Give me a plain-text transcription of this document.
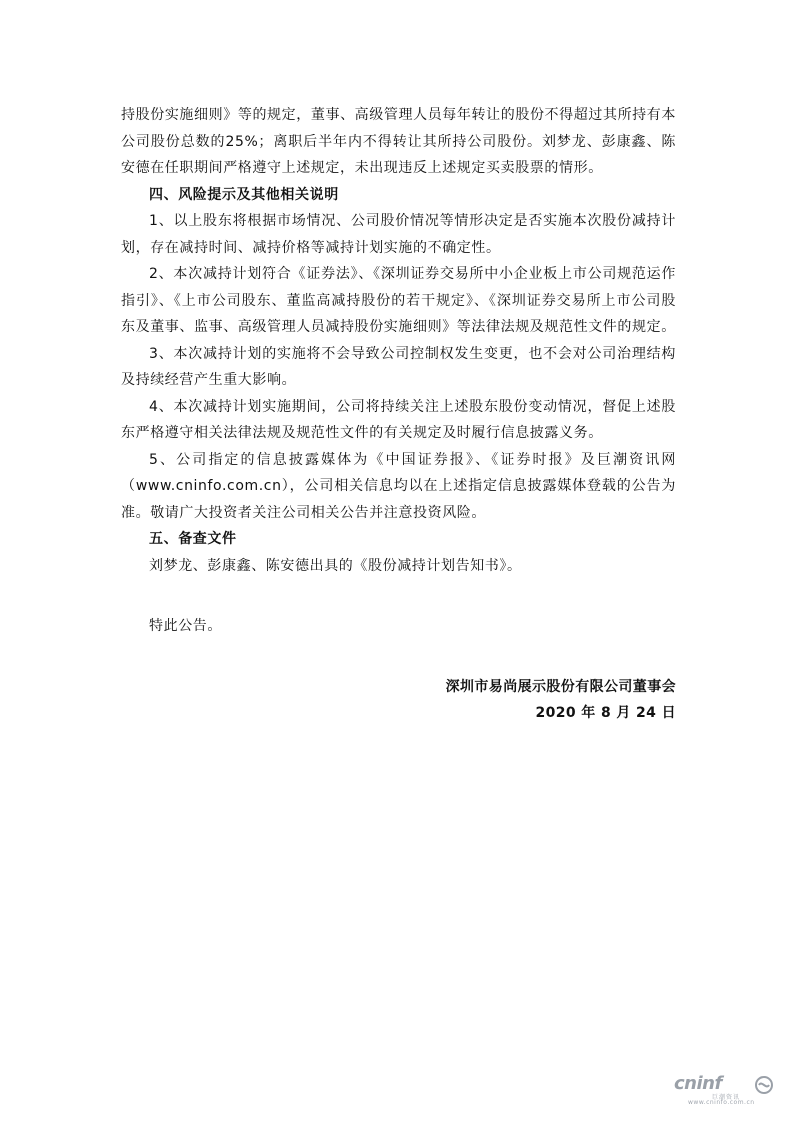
持股份实施细则》等的规定，董事、高级管理人员每年转让的股份不得超过其所持有本公司股份总数的25%；离职后半年内不得转让其所持公司股份。刘梦龙、彭康鑫、陈安德在任职期间严格遵守上述规定，未出现违反上述规定买卖股票的情形。

四、风险提示及其他相关说明

1、以上股东将根据市场情况、公司股价情况等情形决定是否实施本次股份减持计划，存在减持时间、减持价格等减持计划实施的不确定性。

2、本次减持计划符合《证券法》、《深圳证券交易所中小企业板上市公司规范运作指引》、《上市公司股东、董监高减持股份的若干规定》、《深圳证券交易所上市公司股东及董事、监事、高级管理人员减持股份实施细则》等法律法规及规范性文件的规定。

3、本次减持计划的实施将不会导致公司控制权发生变更，也不会对公司治理结构及持续经营产生重大影响。

4、本次减持计划实施期间，公司将持续关注上述股东股份变动情况，督促上述股东严格遵守相关法律法规及规范性文件的有关规定及时履行信息披露义务。

5、公司指定的信息披露媒体为《中国证券报》、《证券时报》及巨潮资讯网（www.cninfo.com.cn），公司相关信息均以在上述指定信息披露媒体登载的公告为准。敬请广大投资者关注公司相关公告并注意投资风险。

五、备查文件

刘梦龙、彭康鑫、陈安德出具的《股份减持计划告知书》。

特此公告。

深圳市易尚展示股份有限公司董事会

2020 年 8 月 24 日

cninf
巨潮资讯
www.cninfo.com.cn
